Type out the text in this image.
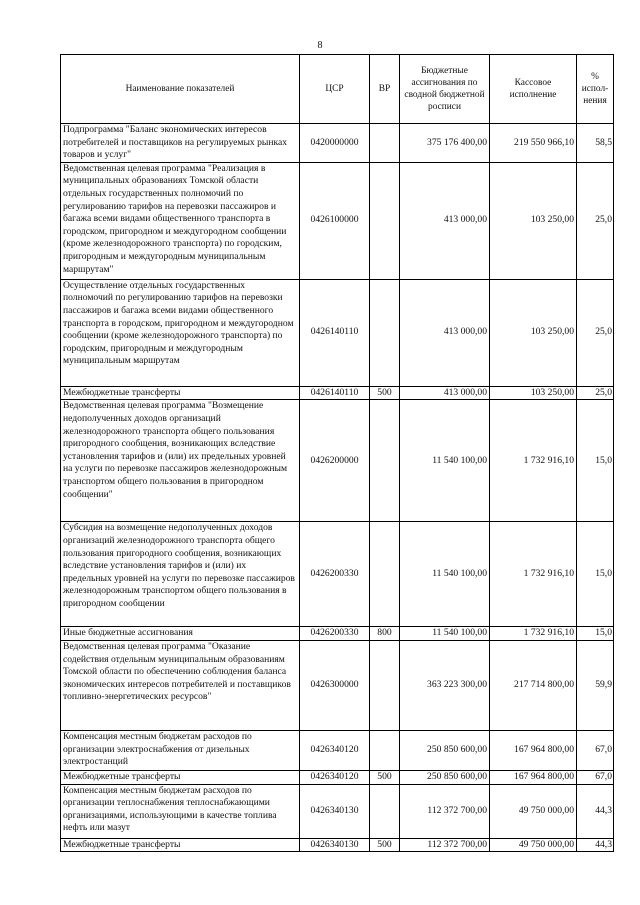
8
Наименование показателей	ЦСР	ВР	Бюджетные ассигнования по сводной бюджетной росписи	Кассовое исполнение	% испол-нения
Подпрограмма "Баланс экономических интересов потребителей и поставщиков на регулируемых рынках товаров и услуг"	0420000000		375 176 400,00	219 550 966,10	58,5
Ведомственная целевая программа "Реализация в муниципальных образованиях Томской области отдельных государственных полномочий по регулированию тарифов на перевозки пассажиров и багажа всеми видами общественного транспорта в городском, пригородном и междугородном сообщении (кроме железнодорожного транспорта) по городским, пригородным и междугородным муниципальным маршрутам"	0426100000		413 000,00	103 250,00	25,0
Осуществление отдельных государственных полномочий по регулированию тарифов на перевозки пассажиров и багажа всеми видами общественного транспорта в городском, пригородном и междугородном сообщении (кроме железнодорожного транспорта) по городским, пригородным и междугородным муниципальным маршрутам	0426140110		413 000,00	103 250,00	25,0
Межбюджетные трансферты	0426140110	500	413 000,00	103 250,00	25,0
Ведомственная целевая программа "Возмещение недополученных доходов организаций железнодорожного транспорта общего пользования пригородного сообщения, возникающих вследствие установления тарифов и (или) их предельных уровней на услуги по перевозке пассажиров железнодорожным транспортом общего пользования в пригородном сообщении"	0426200000		11 540 100,00	1 732 916,10	15,0
Субсидия на возмещение недополученных доходов организаций железнодорожного транспорта общего пользования пригородного сообщения, возникающих вследствие установления тарифов и (или) их предельных уровней на услуги по перевозке пассажиров железнодорожным транспортом общего пользования в пригородном сообщении	0426200330		11 540 100,00	1 732 916,10	15,0
Иные бюджетные ассигнования	0426200330	800	11 540 100,00	1 732 916,10	15,0
Ведомственная целевая программа "Оказание содействия отдельным муниципальным образованиям Томской области по обеспечению соблюдения баланса экономических интересов потребителей и поставщиков топливно-энергетических ресурсов"	0426300000		363 223 300,00	217 714 800,00	59,9
Компенсация местным бюджетам расходов по организации электроснабжения от дизельных электростанций	0426340120		250 850 600,00	167 964 800,00	67,0
Межбюджетные трансферты	0426340120	500	250 850 600,00	167 964 800,00	67,0
Компенсация местным бюджетам расходов по организации теплоснабжения теплоснабжающими организациями, использующими в качестве топлива нефть или мазут	0426340130		112 372 700,00	49 750 000,00	44,3
Межбюджетные трансферты	0426340130	500	112 372 700,00	49 750 000,00	44,3
